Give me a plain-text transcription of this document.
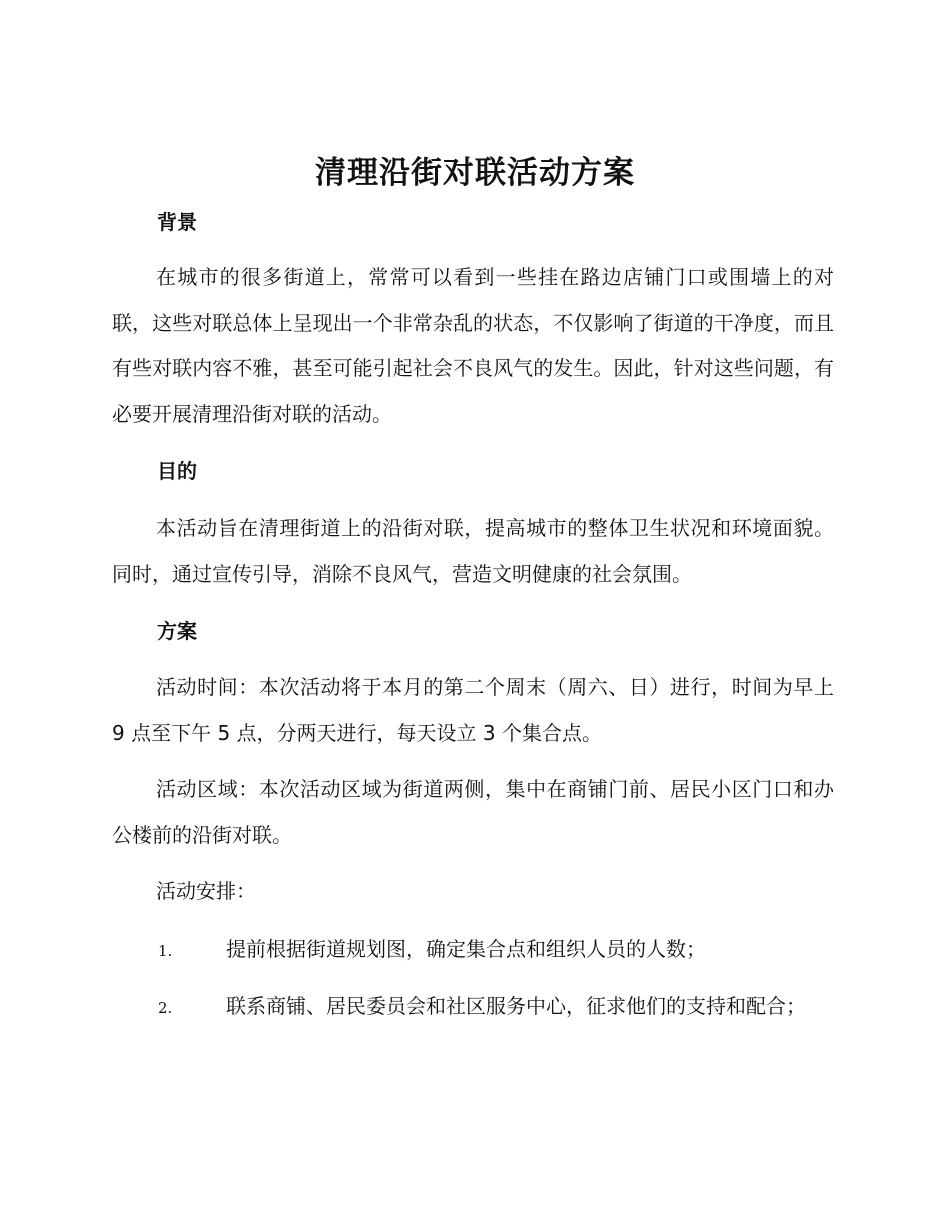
清理沿街对联活动方案
背景

在城市的很多街道上，常常可以看到一些挂在路边店铺门口或围墙上的对联，这些对联总体上呈现出一个非常杂乱的状态，不仅影响了街道的干净度，而且有些对联内容不雅，甚至可能引起社会不良风气的发生。因此，针对这些问题，有必要开展清理沿街对联的活动。

目的

本活动旨在清理街道上的沿街对联，提高城市的整体卫生状况和环境面貌。同时，通过宣传引导，消除不良风气，营造文明健康的社会氛围。

方案

活动时间：本次活动将于本月的第二个周末（周六、日）进行，时间为早上 9 点至下午 5 点，分两天进行，每天设立 3 个集合点。

活动区域：本次活动区域为街道两侧，集中在商铺门前、居民小区门口和办公楼前的沿街对联。

活动安排：

1.	提前根据街道规划图，确定集合点和组织人员的人数；

2.	联系商铺、居民委员会和社区服务中心，征求他们的支持和配合；
